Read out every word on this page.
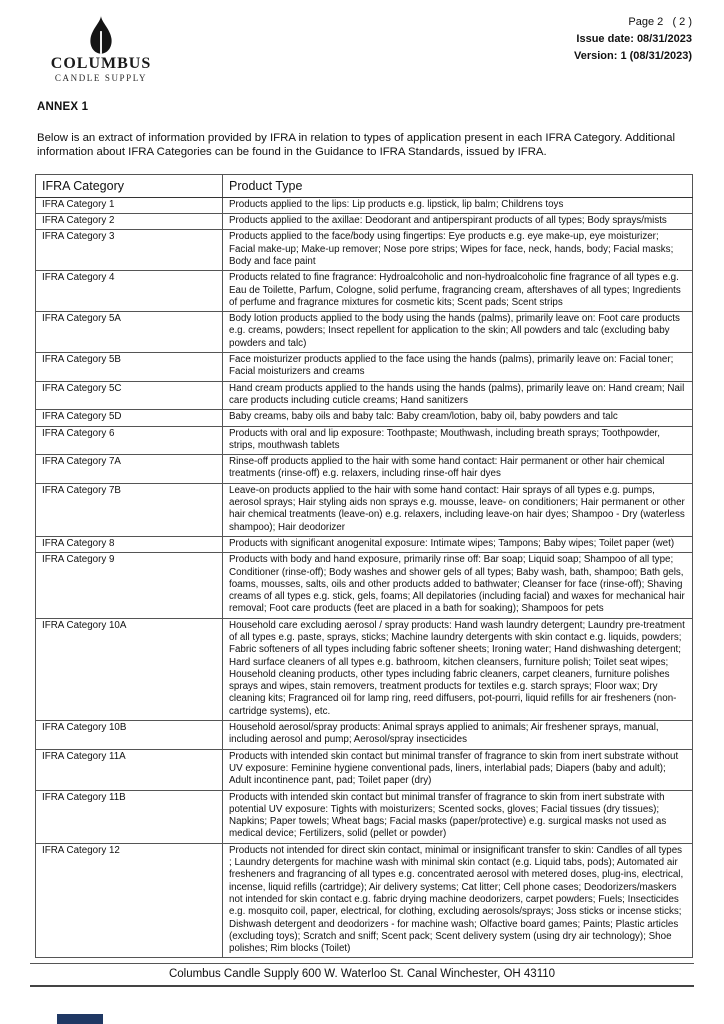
COLUMBUS
CANDLE SUPPLY
Page 2   ( 2 )
Issue date: 08/31/2023
Version: 1 (08/31/2023)
ANNEX 1

Below is an extract of information provided by IFRA in relation to types of application present in each IFRA Category. Additional information about IFRA Categories can be found in the Guidance to IFRA Standards, issued by IFRA.

IFRA Category	Product Type
IFRA Category 1	Products applied to the lips: Lip products e.g. lipstick, lip balm; Childrens toys
IFRA Category 2	Products applied to the axillae: Deodorant and antiperspirant products of all types; Body sprays/mists
IFRA Category 3	Products applied to the face/body using fingertips: Eye products e.g. eye make-up, eye moisturizer; Facial make-up; Make-up remover; Nose pore strips; Wipes for face, neck, hands, body; Facial masks; Body and face paint
IFRA Category 4	Products related to fine fragrance: Hydroalcoholic and non-hydroalcoholic fine fragrance of all types e.g. Eau de Toilette, Parfum, Cologne, solid perfume, fragrancing cream, aftershaves of all types; Ingredients of perfume and fragrance mixtures for cosmetic kits; Scent pads; Scent strips
IFRA Category 5A	Body lotion products applied to the body using the hands (palms), primarily leave on: Foot care products e.g. creams, powders; Insect repellent for application to the skin; All powders and talc (excluding baby powders and talc)
IFRA Category 5B	Face moisturizer products applied to the face using the hands (palms), primarily leave on: Facial toner; Facial moisturizers and creams
IFRA Category 5C	Hand cream products applied to the hands using the hands (palms), primarily leave on: Hand cream; Nail care products including cuticle creams; Hand sanitizers
IFRA Category 5D	Baby creams, baby oils and baby talc: Baby cream/lotion, baby oil, baby powders and talc
IFRA Category 6	Products with oral and lip exposure: Toothpaste; Mouthwash, including breath sprays; Toothpowder, strips, mouthwash tablets
IFRA Category 7A	Rinse-off products applied to the hair with some hand contact: Hair permanent or other hair chemical treatments (rinse-off) e.g. relaxers, including rinse-off hair dyes
IFRA Category 7B	Leave-on products applied to the hair with some hand contact: Hair sprays of all types e.g. pumps, aerosol sprays; Hair styling aids non sprays e.g. mousse, leave- on conditioners; Hair permanent or other hair chemical treatments (leave-on) e.g. relaxers, including leave-on hair dyes; Shampoo - Dry (waterless shampoo); Hair deodorizer
IFRA Category 8	Products with significant anogenital exposure: Intimate wipes; Tampons; Baby wipes; Toilet paper (wet)
IFRA Category 9	Products with body and hand exposure, primarily rinse off: Bar soap; Liquid soap; Shampoo of all type; Conditioner (rinse-off); Body washes and shower gels of all types; Baby wash, bath, shampoo; Bath gels, foams, mousses, salts, oils and other products added to bathwater; Cleanser for face (rinse-off); Shaving creams of all types e.g. stick, gels, foams; All depilatories (including facial) and waxes for mechanical hair removal; Foot care products (feet are placed in a bath for soaking); Shampoos for pets
IFRA Category 10A	Household care excluding aerosol / spray products: Hand wash laundry detergent; Laundry pre-treatment of all types e.g. paste, sprays, sticks; Machine laundry detergents with skin contact e.g. liquids, powders; Fabric softeners of all types including fabric softener sheets; Ironing water; Hand dishwashing detergent; Hard surface cleaners of all types e.g. bathroom, kitchen cleansers, furniture polish; Toilet seat wipes; Household cleaning products, other types including fabric cleaners, carpet cleaners, furniture polishes sprays and wipes, stain removers, treatment products for textiles e.g. starch sprays; Floor wax; Dry cleaning kits; Fragranced oil for lamp ring, reed diffusers, pot-pourri, liquid refills for air fresheners (non-cartridge systems), etc.
IFRA Category 10B	Household aerosol/spray products: Animal sprays applied to animals; Air freshener sprays, manual, including aerosol and pump; Aerosol/spray insecticides
IFRA Category 11A	Products with intended skin contact but minimal transfer of fragrance to skin from inert substrate without UV exposure: Feminine hygiene conventional pads, liners, interlabial pads; Diapers (baby and adult); Adult incontinence pant, pad; Toilet paper (dry)
IFRA Category 11B	Products with intended skin contact but minimal transfer of fragrance to skin from inert substrate with potential UV exposure: Tights with moisturizers; Scented socks, gloves; Facial tissues (dry tissues); Napkins; Paper towels; Wheat bags; Facial masks (paper/protective) e.g. surgical masks not used as medical device; Fertilizers, solid (pellet or powder)
IFRA Category 12	Products not intended for direct skin contact, minimal or insignificant transfer to skin: Candles of all types ; Laundry detergents for machine wash with minimal skin contact (e.g. Liquid tabs, pods); Automated air fresheners and fragrancing of all types e.g. concentrated aerosol with metered doses, plug-ins, electrical, incense, liquid refills (cartridge); Air delivery systems; Cat litter; Cell phone cases; Deodorizers/maskers not intended for skin contact e.g. fabric drying machine deodorizers, carpet powders; Fuels; Insecticides e.g. mosquito coil, paper, electrical, for clothing, excluding aerosols/sprays; Joss sticks or incense sticks; Dishwash detergent and deodorizers - for machine wash; Olfactive board games; Paints; Plastic articles (excluding toys); Scratch and sniff; Scent pack; Scent delivery system (using dry air technology); Shoe polishes; Rim blocks (Toilet)
Columbus Candle Supply 600 W. Waterloo St. Canal Winchester, OH 43110
